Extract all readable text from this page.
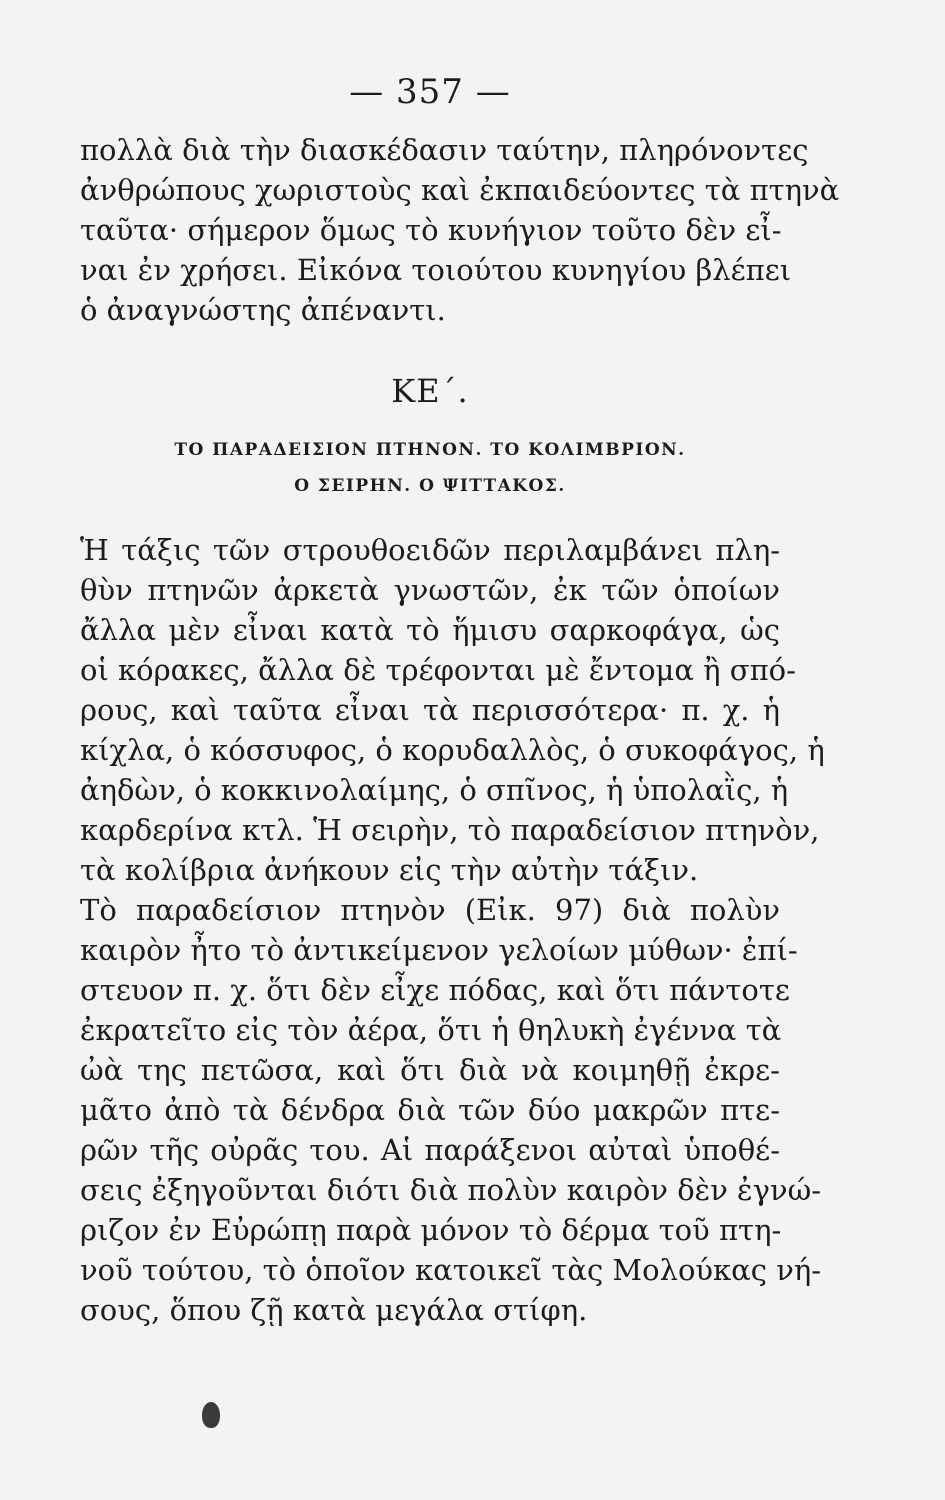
— 357 —
πολλὰ διὰ τὴν διασκέδασιν ταύτην, πληρόνοντες
ἀνθρώπους χωριστοὺς καὶ ἐκπαιδεύοντες τὰ πτηνὰ
ταῦτα· σήμερον ὅμως τὸ κυνήγιον τοῦτο δὲν εἶ-
ναι ἐν χρήσει. Εἰκόνα τοιούτου κυνηγίου βλέπει
ὁ ἀναγνώστης ἀπέναντι.
ΚΕ΄.
ΤΟ ΠΑΡΑΔΕΙΣΙΟΝ ΠΤΗΝΟΝ. ΤΟ ΚΟΛΙΜΒΡΙΟΝ.
Ο ΣΕΙΡΗΝ. Ο ΨΙΤΤΑΚΟΣ.
Ἡ τάξις τῶν στρουθοειδῶν περιλαμβάνει πλη-
θὺν πτηνῶν ἀρκετὰ γνωστῶν, ἐκ τῶν ὁποίων
ἄλλα μὲν εἶναι κατὰ τὸ ἥμισυ σαρκοφάγα, ὡς
οἱ κόρακες, ἄλλα δὲ τρέφονται μὲ ἔντομα ἢ σπό-
ρους, καὶ ταῦτα εἶναι τὰ περισσότερα· π. χ. ἡ
κίχλα, ὁ κόσσυφος, ὁ κορυδαλλὸς, ὁ συκοφάγος, ἡ
ἀηδὼν, ὁ κοκκινολαίμης, ὁ σπῖνος, ἡ ὑπολαῒς, ἡ
καρδερίνα κτλ. Ἡ σειρὴν, τὸ παραδείσιον πτηνὸν,
τὰ κολίβρια ἀνήκουν εἰς τὴν αὐτὴν τάξιν.
Τὸ παραδείσιον πτηνὸν (Εἰκ. 97) διὰ πολὺν
καιρὸν ἦτο τὸ ἀντικείμενον γελοίων μύθων· ἐπί-
στευον π. χ. ὅτι δὲν εἶχε πόδας, καὶ ὅτι πάντοτε
ἐκρατεῖτο εἰς τὸν ἀέρα, ὅτι ἡ θηλυκὴ ἐγέννα τὰ
ὠὰ της πετῶσα, καὶ ὅτι διὰ νὰ κοιμηθῇ ἐκρε-
μᾶτο ἀπὸ τὰ δένδρα διὰ τῶν δύο μακρῶν πτε-
ρῶν τῆς οὐρᾶς του. Αἱ παράξενοι αὐταὶ ὑποθέ-
σεις ἐξηγοῦνται διότι διὰ πολὺν καιρὸν δὲν ἐγνώ-
ριζον ἐν Εὐρώπῃ παρὰ μόνον τὸ δέρμα τοῦ πτη-
νοῦ τούτου, τὸ ὁποῖον κατοικεῖ τὰς Μολούκας νή-
σους, ὅπου ζῇ κατὰ μεγάλα στίφη.
